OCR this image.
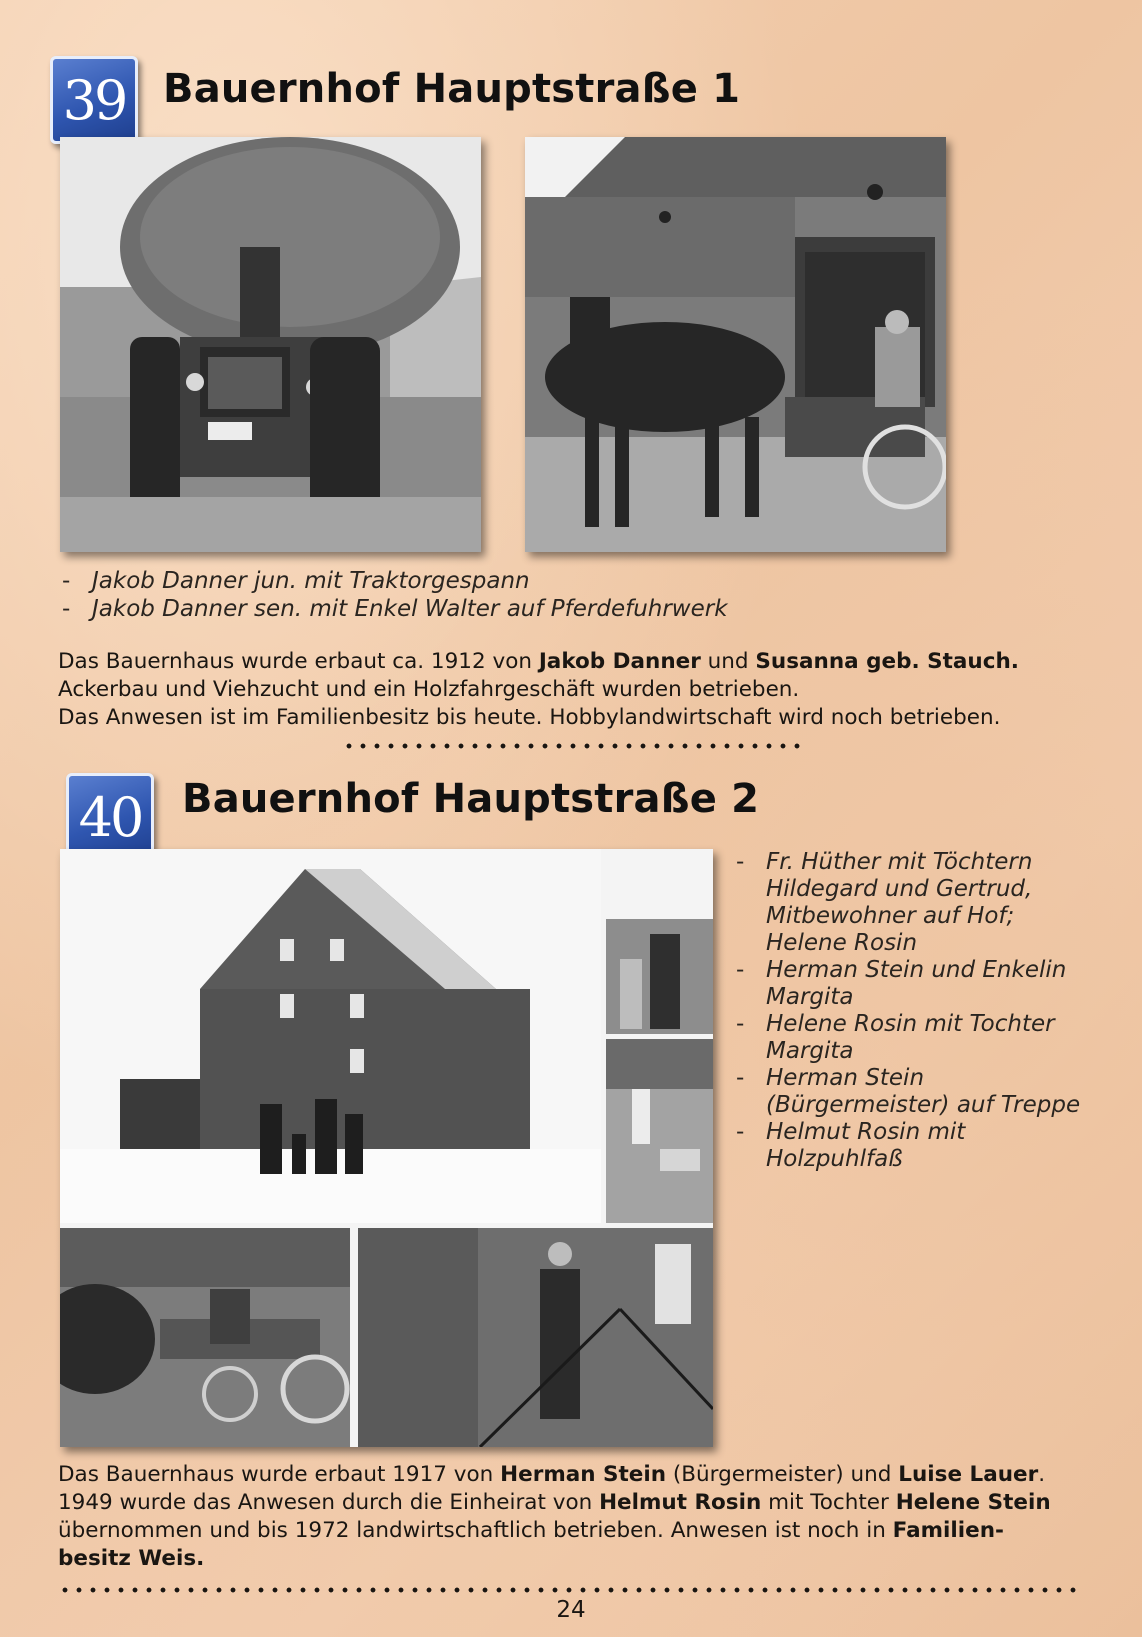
39 Bauernhof Hauptstraße 1
- Jakob Danner jun. mit Traktorgespann
- Jakob Danner sen. mit Enkel Walter auf Pferdefuhrwerk
Das Bauernhaus wurde erbaut ca. 1912 von Jakob Danner und Susanna geb. Stauch.
Ackerbau und Viehzucht und ein Holzfahrgeschäft wurden betrieben.
Das Anwesen ist im Familienbesitz bis heute. Hobbylandwirtschaft wird noch betrieben.
40	Bauernhof Hauptstraße 2
- Fr. Hüther mit Töchtern
Hildegard und Gertrud,
Mitbewohner auf Hof;
Helene Rosin
- Herman Stein und Enkelin
Margita
- Helene Rosin mit Tochter
Margita
- Herman Stein
(Bürgermeister) auf Treppe
- Helmut Rosin mit
Holzpuhlfaß
Das Bauernhaus wurde erbaut 1917 von Herman Stein (Bürgermeister) und Luise Lauer.
1949 wurde das Anwesen durch die Einheirat von Helmut Rosin mit Tochter Helene Stein
übernommen und bis 1972 landwirtschaftlich betrieben. Anwesen ist noch in Familien-
besitz Weis.
24
